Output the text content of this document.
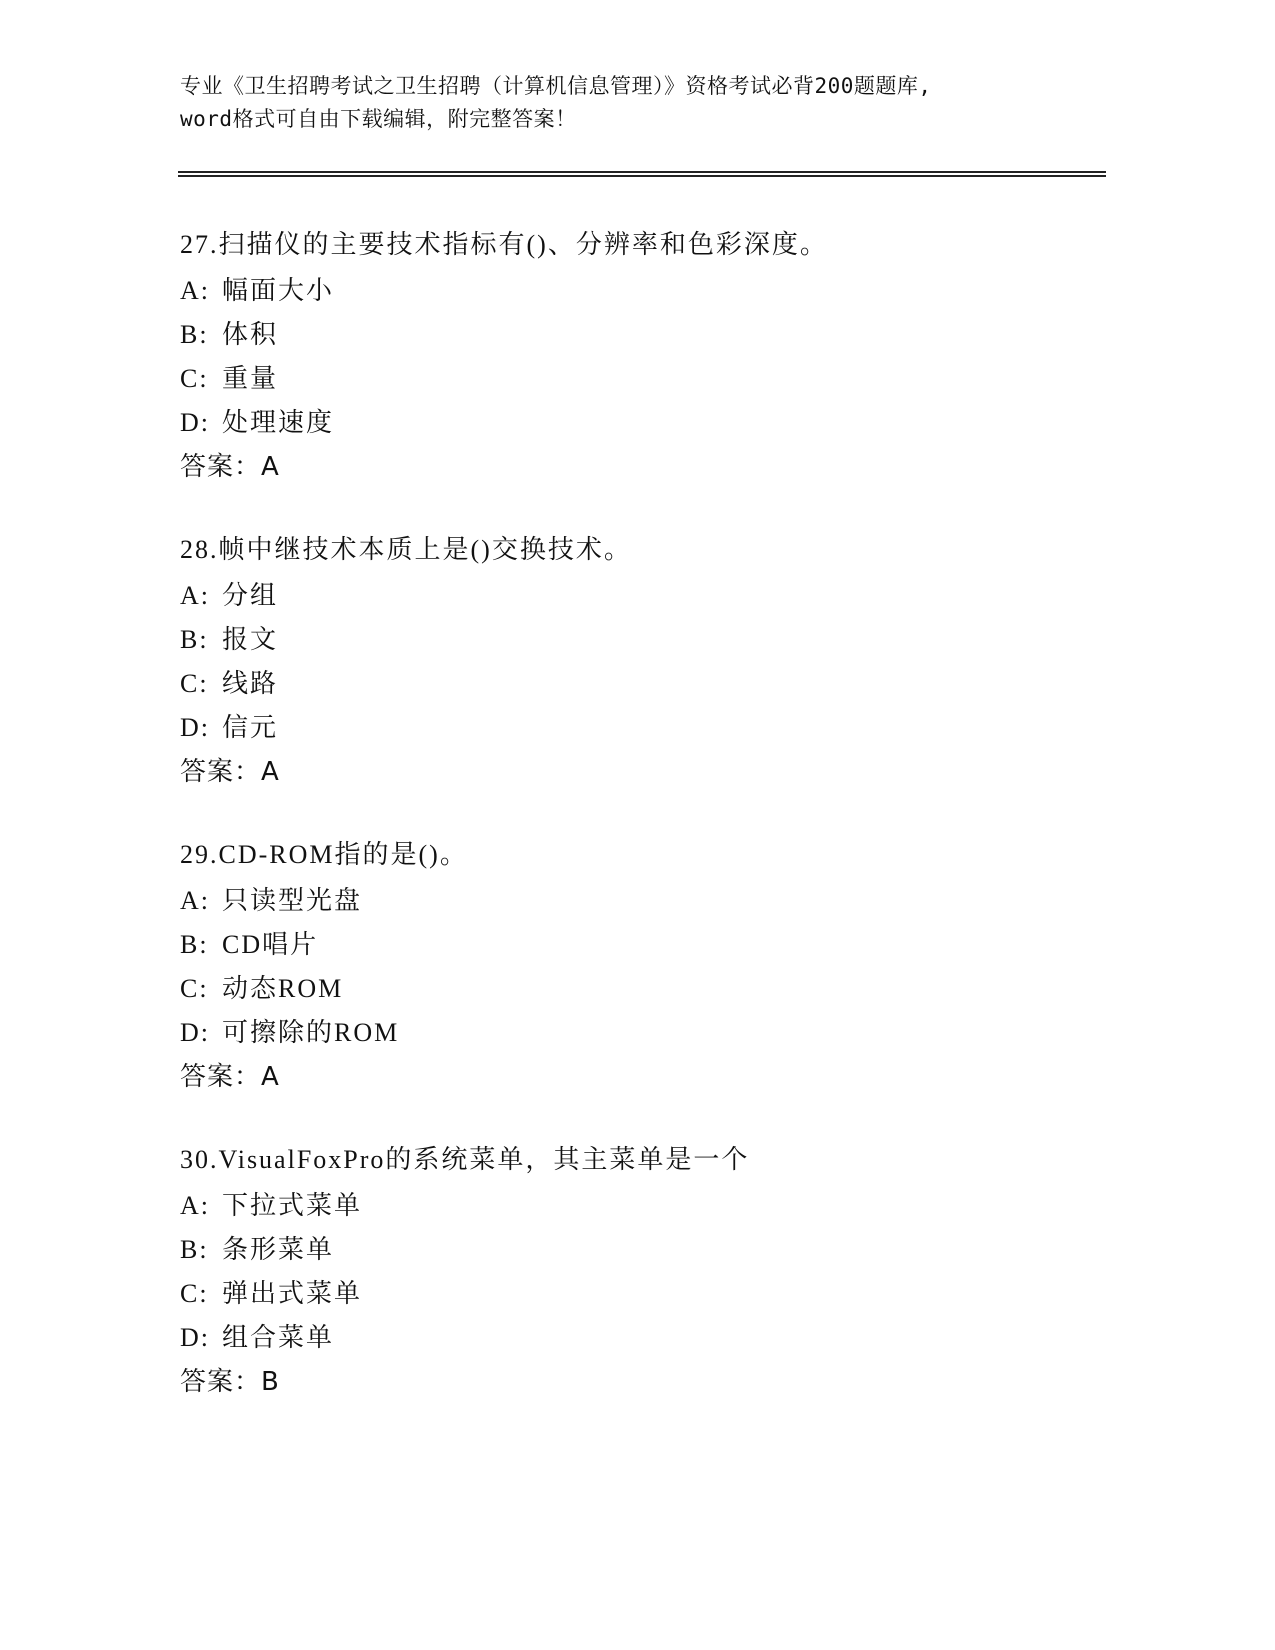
专业《卫生招聘考试之卫生招聘（计算机信息管理）》资格考试必背200题题库,
word格式可自由下载编辑，附完整答案！
27.扫描仪的主要技术指标有()、分辨率和色彩深度。
A: 幅面大小
B: 体积
C: 重量
D: 处理速度
答案：A
28.帧中继技术本质上是()交换技术。
A: 分组
B: 报文
C: 线路
D: 信元
答案：A
29.CD-ROM指的是()。
A: 只读型光盘
B: CD唱片
C: 动态ROM
D: 可擦除的ROM
答案：A
30.VisualFoxPro的系统菜单，其主菜单是一个
A: 下拉式菜单
B: 条形菜单
C: 弹出式菜单
D: 组合菜单
答案：B
